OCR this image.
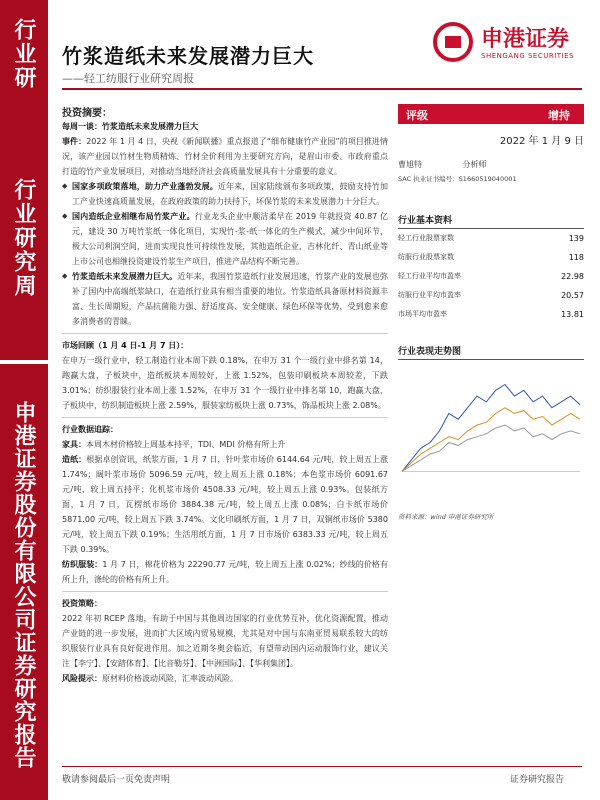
行业研
行业研究周
申港证券股份有限公司证券研究报告
竹浆造纸未来发展潜力巨大
——轻工纺服行业研究周报
申港证券
SHENGANG SECURITIES

投资摘要：

每周一谈：竹浆造纸未来发展潜力巨大

事件：2022 年 1 月 4 日，央视《新闻联播》重点报道了“细布健康竹产业园”的项目推进情况，该产业园以竹材生物质精炼、竹材全价利用为主要研究方向，是眉山市委、市政府重点打造的竹产业发展项目，对推动当地经济社会高质量发展具有十分重要的意义。

◆ 国家多项政策落地，助力产业蓬勃发展。近年来，国家陆续颁布多项政策，鼓励支持竹加工产业快速高质量发展，在政府政策的助力扶持下，坏保竹浆的未来发展潜力十分巨大。

◆ 国内造纸企业相继布局竹浆产业。行业龙头企业中顺洁柔早在 2019 年就投资 40.87 亿元，建设 30 万吨竹浆纸一体化项目，实现竹-浆-纸一体化的生产模式，减少中间环节，极大公司利润空间，进而实现良性可持续性发展，其他造纸企业，吉林化纤、青山纸业等上市公司也相继投资建设竹浆生产项目，推进产品结构不断完善。

◆ 竹浆造纸未来发展潜力巨大。近年来，我国竹浆造纸行业发展迅速，竹浆产业的发展也弥补了国内中高端纸浆缺口，在造纸行业具有相当重要的地位。竹浆造纸具备原材料资源丰富、生长周期短，产品抗菌能力强、舒适度高、安全健康、绿色环保等优势，受到愈来愈多消费者的青睐。

市场回顾（1 月 4 日-1 月 7 日）：

在申万一级行业中，轻工制造行业本周下跌 0.18%，在申万 31 个一级行业中排名第 14，跑赢大盘，子板块中，造纸板块本周较好，上涨 1.52%，包装印刷板块本周较差，下跌 3.01%；纺织服装行业本周上涨 1.52%，在申万 31 个一级行业中排名第 10，跑赢大盘，子板块中，纺织制造板块上涨 2.59%，服装家纺板块上涨 0.73%，饰品板块上涨 2.08%。

行业数据追踪：

家具：本周木材价格较上周基本持平，TDI、MDI 价格有所上升

造纸：根据卓创资讯，纸浆方面，1 月 7 日，针叶浆市场价 6144.64 元/吨，较上周五上涨 1.74%；阔叶浆市场价 5096.59 元/吨，较上周五上涨 0.18%；本色浆市场价 6091.67 元/吨，较上周五持平；化机浆市场价 4508.33 元/吨，较上周五上涨 0.93%。包装纸方面，1 月 7 日，瓦楞纸市场价 3884.38 元/吨，较上周五上涨 0.08%；白卡纸市场价 5871.00 元/吨，较上周五下跌 3.74%。文化印刷纸方面，1 月 7 日，双铜纸市场价 5380 元/吨，较上周五下跌 0.19%；生活用纸方面，1 月 7 日市场价 6383.33 元/吨，较上周五下跌 0.39%。

纺织服装：1 月 7 日，棉花价格为 22290.77 元/吨，较上周五上涨 0.02%；纱线的价格有所上升，涤纶的价格有所上升。

投资策略：

2022 年初 RCEP 落地，有助于中国与其他周边国家的行业优势互补，优化资源配置，推动产业链的进一步发展，进而扩大区域内贸易规模，尤其是对中国与东南亚贸易联系较大的纺织服装行业具有良好促进作用。加之近期冬奥会临近，有望带动国内运动服饰行业，建议关注【李宁】、【安踏体育】、【比音勒芬】、【中洲国际】、【华利集团】。

风险提示：原材料价格波动风险，汇率波动风险。

评级	增持
2022 年 1 月 9 日
曹旭特	分析师
SAC 执业证书编号：S1660519040001
行业基本资料
轻工行业股票家数	139
纺服行业股票家数	118
轻工行业平均市盈率	22.98
纺服行业平均市盈率	20.57
市场平均市盈率	13.81
行业表现走势图
资料来源：wind 申港证券研究所
敬请参阅最后一页免责声明	证券研究报告
